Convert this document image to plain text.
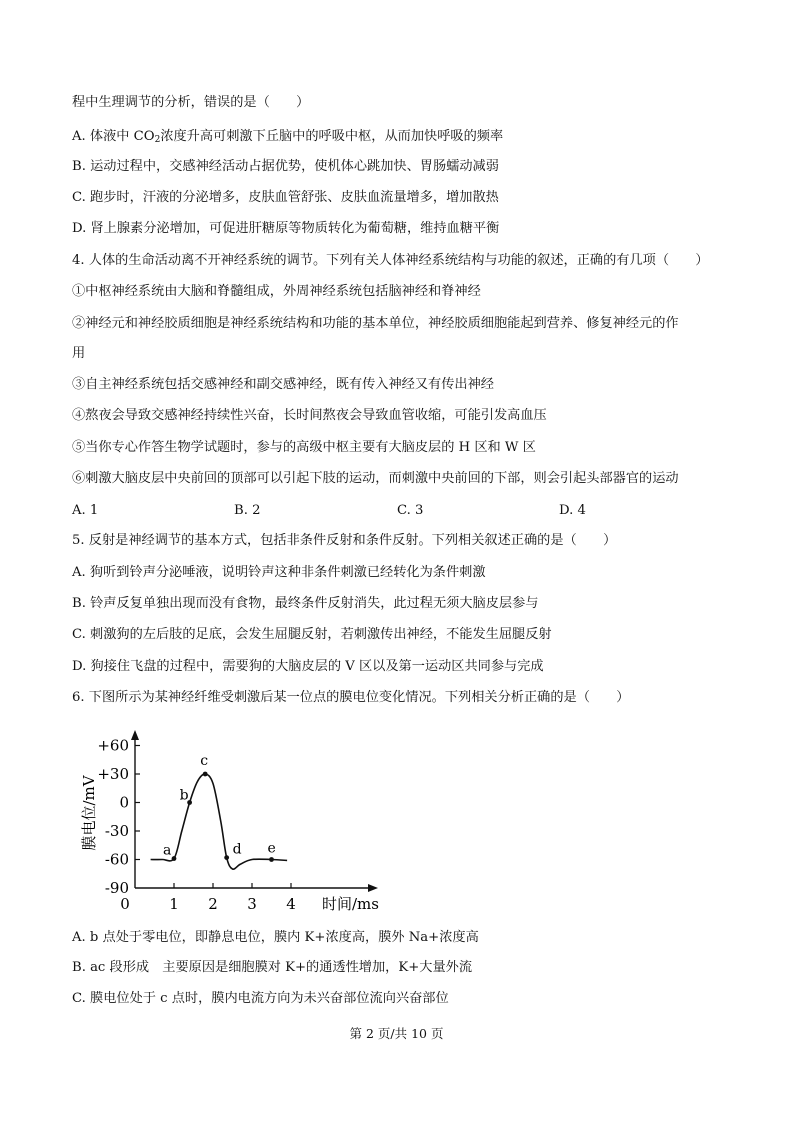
程中生理调节的分析，错误的是（　　）
A. 体液中 $CO_2$浓度升高可刺激下丘脑中的呼吸中枢，从而加快呼吸的频率
B. 运动过程中，交感神经活动占据优势，使机体心跳加快、胃肠蠕动减弱
C. 跑步时，汗液的分泌增多，皮肤血管舒张、皮肤血流量增多，增加散热
D. 肾上腺素分泌增加，可促进肝糖原等物质转化为葡萄糖，维持血糖平衡
4. 人体的生命活动离不开神经系统的调节。下列有关人体神经系统结构与功能的叙述，正确的有几项（　　）
①中枢神经系统由大脑和脊髓组成，外周神经系统包括脑神经和脊神经
②神经元和神经胶质细胞是神经系统结构和功能的基本单位，神经胶质细胞能起到营养、修复神经元的作
用
③自主神经系统包括交感神经和副交感神经，既有传入神经又有传出神经
④熬夜会导致交感神经持续性兴奋，长时间熬夜会导致血管收缩，可能引发高血压
⑤当你专心作答生物学试题时，参与的高级中枢主要有大脑皮层的 H 区和 W 区
⑥刺激大脑皮层中央前回的顶部可以引起下肢的运动，而刺激中央前回的下部，则会引起头部器官的运动
A. 1	B. 2	C. 3	D. 4
5. 反射是神经调节的基本方式，包括非条件反射和条件反射。下列相关叙述正确的是（　　）
A. 狗听到铃声分泌唾液，说明铃声这种非条件刺激已经转化为条件刺激
B. 铃声反复单独出现而没有食物，最终条件反射消失，此过程无须大脑皮层参与
C. 刺激狗的左后肢的足底，会发生屈腿反射，若刺激传出神经，不能发生屈腿反射
D. 狗接住飞盘的过程中，需要狗的大脑皮层的 V 区以及第一运动区共同参与完成
6. 下图所示为某神经纤维受刺激后某一位点的膜电位变化情况。下列相关分析正确的是（　　）
+60
+30
0
-30
-60
-90
0	1 2 3 4 时间/ms
膜电位/mV	a
b
c
d e
A. b 点处于零电位，即静息电位，膜内 K+浓度高，膜外 Na+浓度高
B. ac 段形成　主要原因是细胞膜对 K+的通透性增加，K+大量外流
C. 膜电位处于 c 点时，膜内电流方向为未兴奋部位流向兴奋部位
第 2 页/共 10 页
